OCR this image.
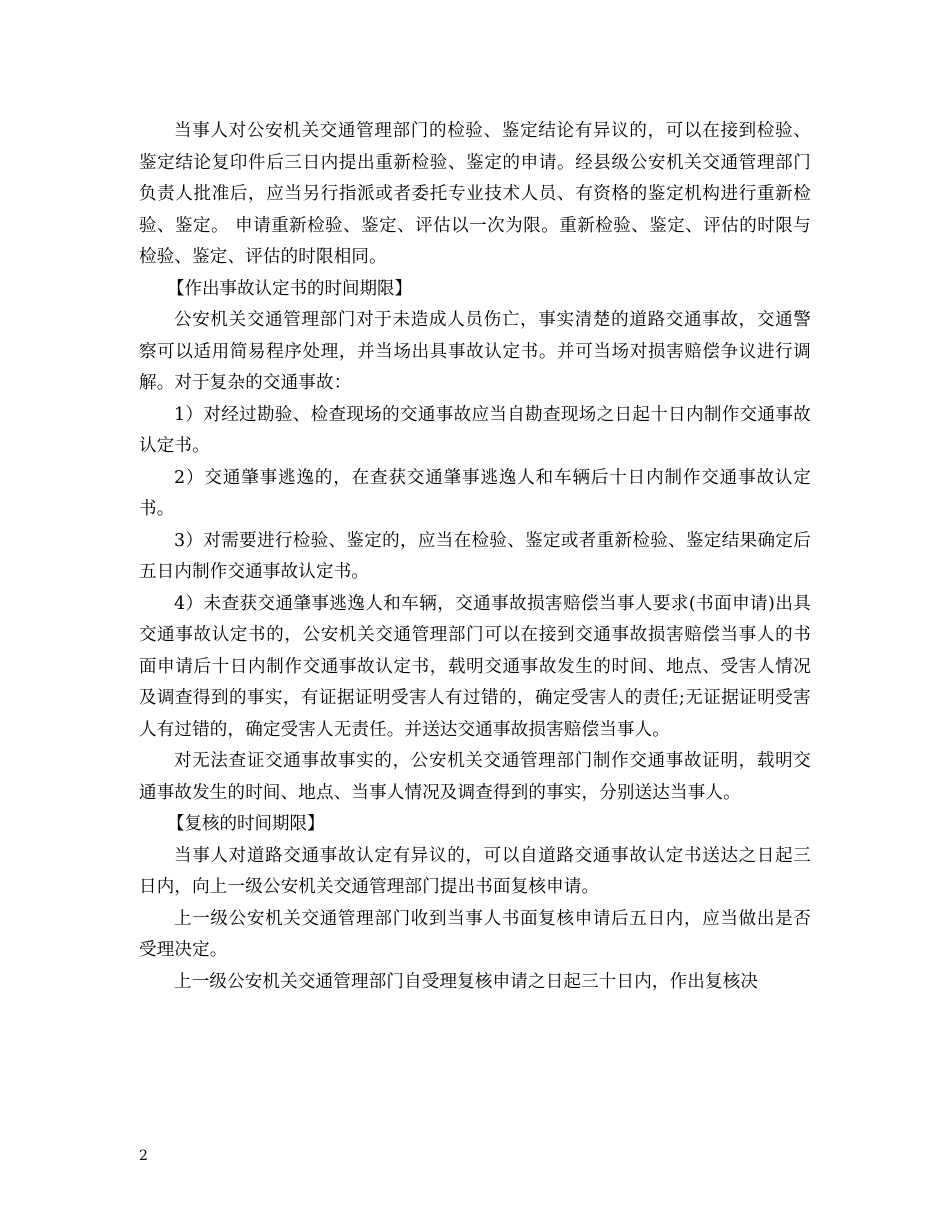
当事人对公安机关交通管理部门的检验、鉴定结论有异议的，可以在接到检验、鉴定结论复印件后三日内提出重新检验、鉴定的申请。经县级公安机关交通管理部门负责人批准后，应当另行指派或者委托专业技术人员、有资格的鉴定机构进行重新检验、鉴定。 申请重新检验、鉴定、评估以一次为限。重新检验、鉴定、评估的时限与检验、鉴定、评估的时限相同。

【作出事故认定书的时间期限】

公安机关交通管理部门对于未造成人员伤亡，事实清楚的道路交通事故，交通警察可以适用简易程序处理，并当场出具事故认定书。并可当场对损害赔偿争议进行调解。对于复杂的交通事故：

1）对经过勘验、检查现场的交通事故应当自勘查现场之日起十日内制作交通事故认定书。

2）交通肇事逃逸的，在查获交通肇事逃逸人和车辆后十日内制作交通事故认定书。

3）对需要进行检验、鉴定的，应当在检验、鉴定或者重新检验、鉴定结果确定后五日内制作交通事故认定书。

4）未查获交通肇事逃逸人和车辆，交通事故损害赔偿当事人要求(书面申请)出具交通事故认定书的，公安机关交通管理部门可以在接到交通事故损害赔偿当事人的书面申请后十日内制作交通事故认定书，载明交通事故发生的时间、地点、受害人情况及调查得到的事实，有证据证明受害人有过错的，确定受害人的责任;无证据证明受害人有过错的，确定受害人无责任。并送达交通事故损害赔偿当事人。

对无法查证交通事故事实的，公安机关交通管理部门制作交通事故证明，载明交通事故发生的时间、地点、当事人情况及调查得到的事实，分别送达当事人。

【复核的时间期限】

当事人对道路交通事故认定有异议的，可以自道路交通事故认定书送达之日起三日内，向上一级公安机关交通管理部门提出书面复核申请。

上一级公安机关交通管理部门收到当事人书面复核申请后五日内，应当做出是否受理决定。

上一级公安机关交通管理部门自受理复核申请之日起三十日内，作出复核决

2
